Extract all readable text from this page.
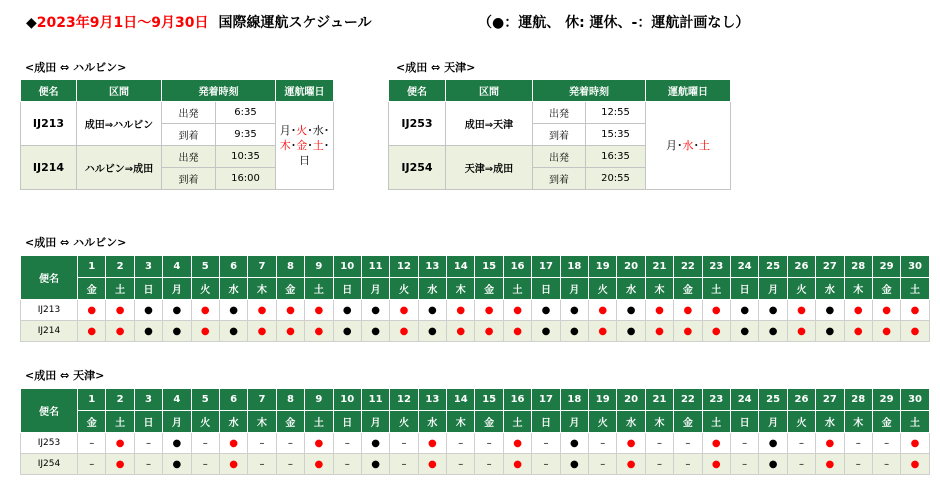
◆2023年9月1日～9月30日 国際線運航スケジュール	（●：運航、 休: 運休、-：運航計画なし）
<成田 ⇔ ハルビン>	<成田 ⇔ 天津>
便名	区間	発着時刻		運航曜日
IJ213	成田⇒ハルビン	出発	6:35	月･火･水･
木･金･土･
日

		到着	9:35	
IJ214	ハルビン⇒成田	出発	10:35	
		到着	16:00	
便名	区間	発着時刻		運航曜日
IJ253	成田⇒天津	出発	12:55	月･水･土

		到着	15:35	
IJ254	天津⇒成田	出発	16:35	
		到着	20:55	
<成田 ⇔ ハルビン>
便名	1	2	3	4	5	6	7	8	9	10	11	12	13	14	15	16	17	18	19	20	21	22	23	24	25	26	27	28	29	30
	金	土	日	月	火	水	木	金	土	日	月	火	水	木	金	土	日	月	火	水	木	金	土	日	月	火	水	木	金	土
IJ213	●	●	●	●	●	●	●	●	●	●	●	●	●	●	●	●	●	●	●	●	●	●	●	●	●	●	●	●	●	●
IJ214	●	●	●	●	●	●	●	●	●	●	●	●	●	●	●	●	●	●	●	●	●	●	●	●	●	●	●	●	●	●
<成田 ⇔ 天津>
便名	1	2	3	4	5	6	7	8	9	10	11	12	13	14	15	16	17	18	19	20	21	22	23	24	25	26	27	28	29	30
	金	土	日	月	火	水	木	金	土	日	月	火	水	木	金	土	日	月	火	水	木	金	土	日	月	火	水	木	金	土
IJ253	–	●	–	●	–	●	–	–	●	–	●	–	●	–	–	●	–	●	–	●	–	–	●	–	●	–	●	–	–	●
IJ254	–	●	–	●	–	●	–	–	●	–	●	–	●	–	–	●	–	●	–	●	–	–	●	–	●	–	●	–	–	●
